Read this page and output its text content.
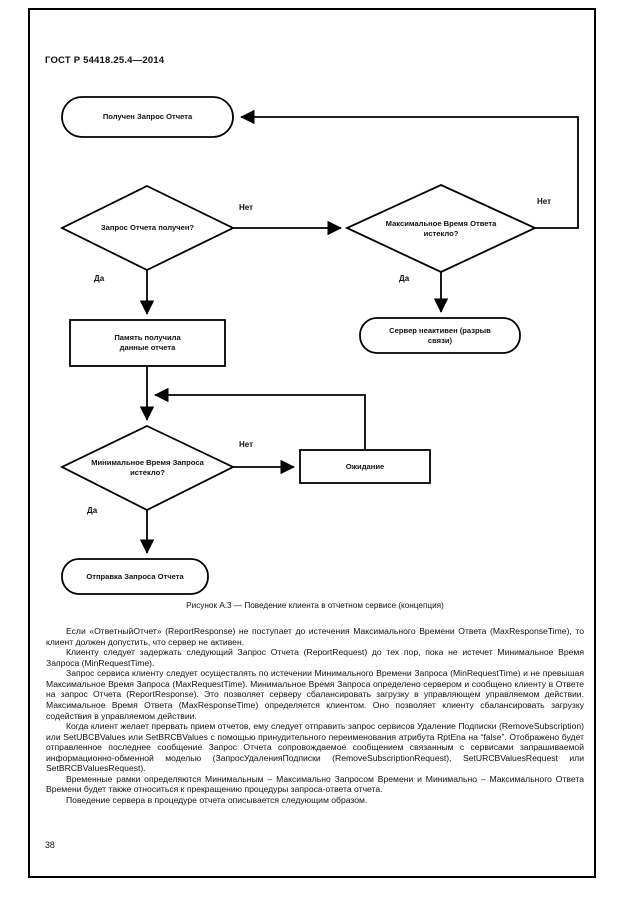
ГОСТ Р 54418.25.4—2014
Получен Запрос Отчета
Запрос Отчета получен?	Максимальное Время Ответа истекло?
Сервер неактивен (разрыв связи)
Память получила данные отчета
Минимальное Время Запроса истекло?
Ожидание
Отправка Запроса Отчета
Нет
Нет
Да
Да
Нет
Да
Рисунок А.3 — Поведение клиента в отчетном сервисе (концепция)

Если «ОтветныйОтчет» (ReportResponse) не поступает до истечения Максимального Времени Ответа (MaxResponseTime), то клиент должен допустить, что сервер не активен.

Клиенту следует задержать следующий Запрос Отчета (ReportRequest) до тех пор, пока не истечет Минимальное Время Запроса (MinRequestTime).

Запрос сервиса клиенту следует осуществлять по истечении Минимального Времени Запроса (MinRequestTime) и не превышая Максимальное Время Запроса (MaxRequestTime). Минимальное Время Запроса определено сервером и сообщено клиенту в Ответе на запрос Отчета (ReportResponse). Это позволяет серверу сбалансировать загрузку в управляющем управляемом действии. Максимальное Время Ответа (MaxResponseTime) определяется клиентом. Оно позволяет клиенту сбалансировать загрузку содействия в управляемом действии.

Когда клиент желает прервать прием отчетов, ему следует отправить запрос сервисов Удаление Подписки (RemoveSubscription) или SetUBCBValues или SetBRCBValues с помощью принудительного переименования атрибута RptEna на “false”. Отображено будет отправленное последнее сообщение Запрос Отчета сопровождаемое сообщением связанным с сервисами запрашиваемой информационно-обменной моделью (ЗапросУдаленияПодписки (RemoveSubscriptionRequest), SetURCBValuesRequest или SetBRCBValuesRequest).

Временные рамки определяются Минимальным – Максимально Запросом Времени и Минимально – Максимального Ответа Времени будет также относиться к прекращению процедуры запроса-ответа отчета.

Поведение сервера в процедуре отчета описывается следующим образом.

38
